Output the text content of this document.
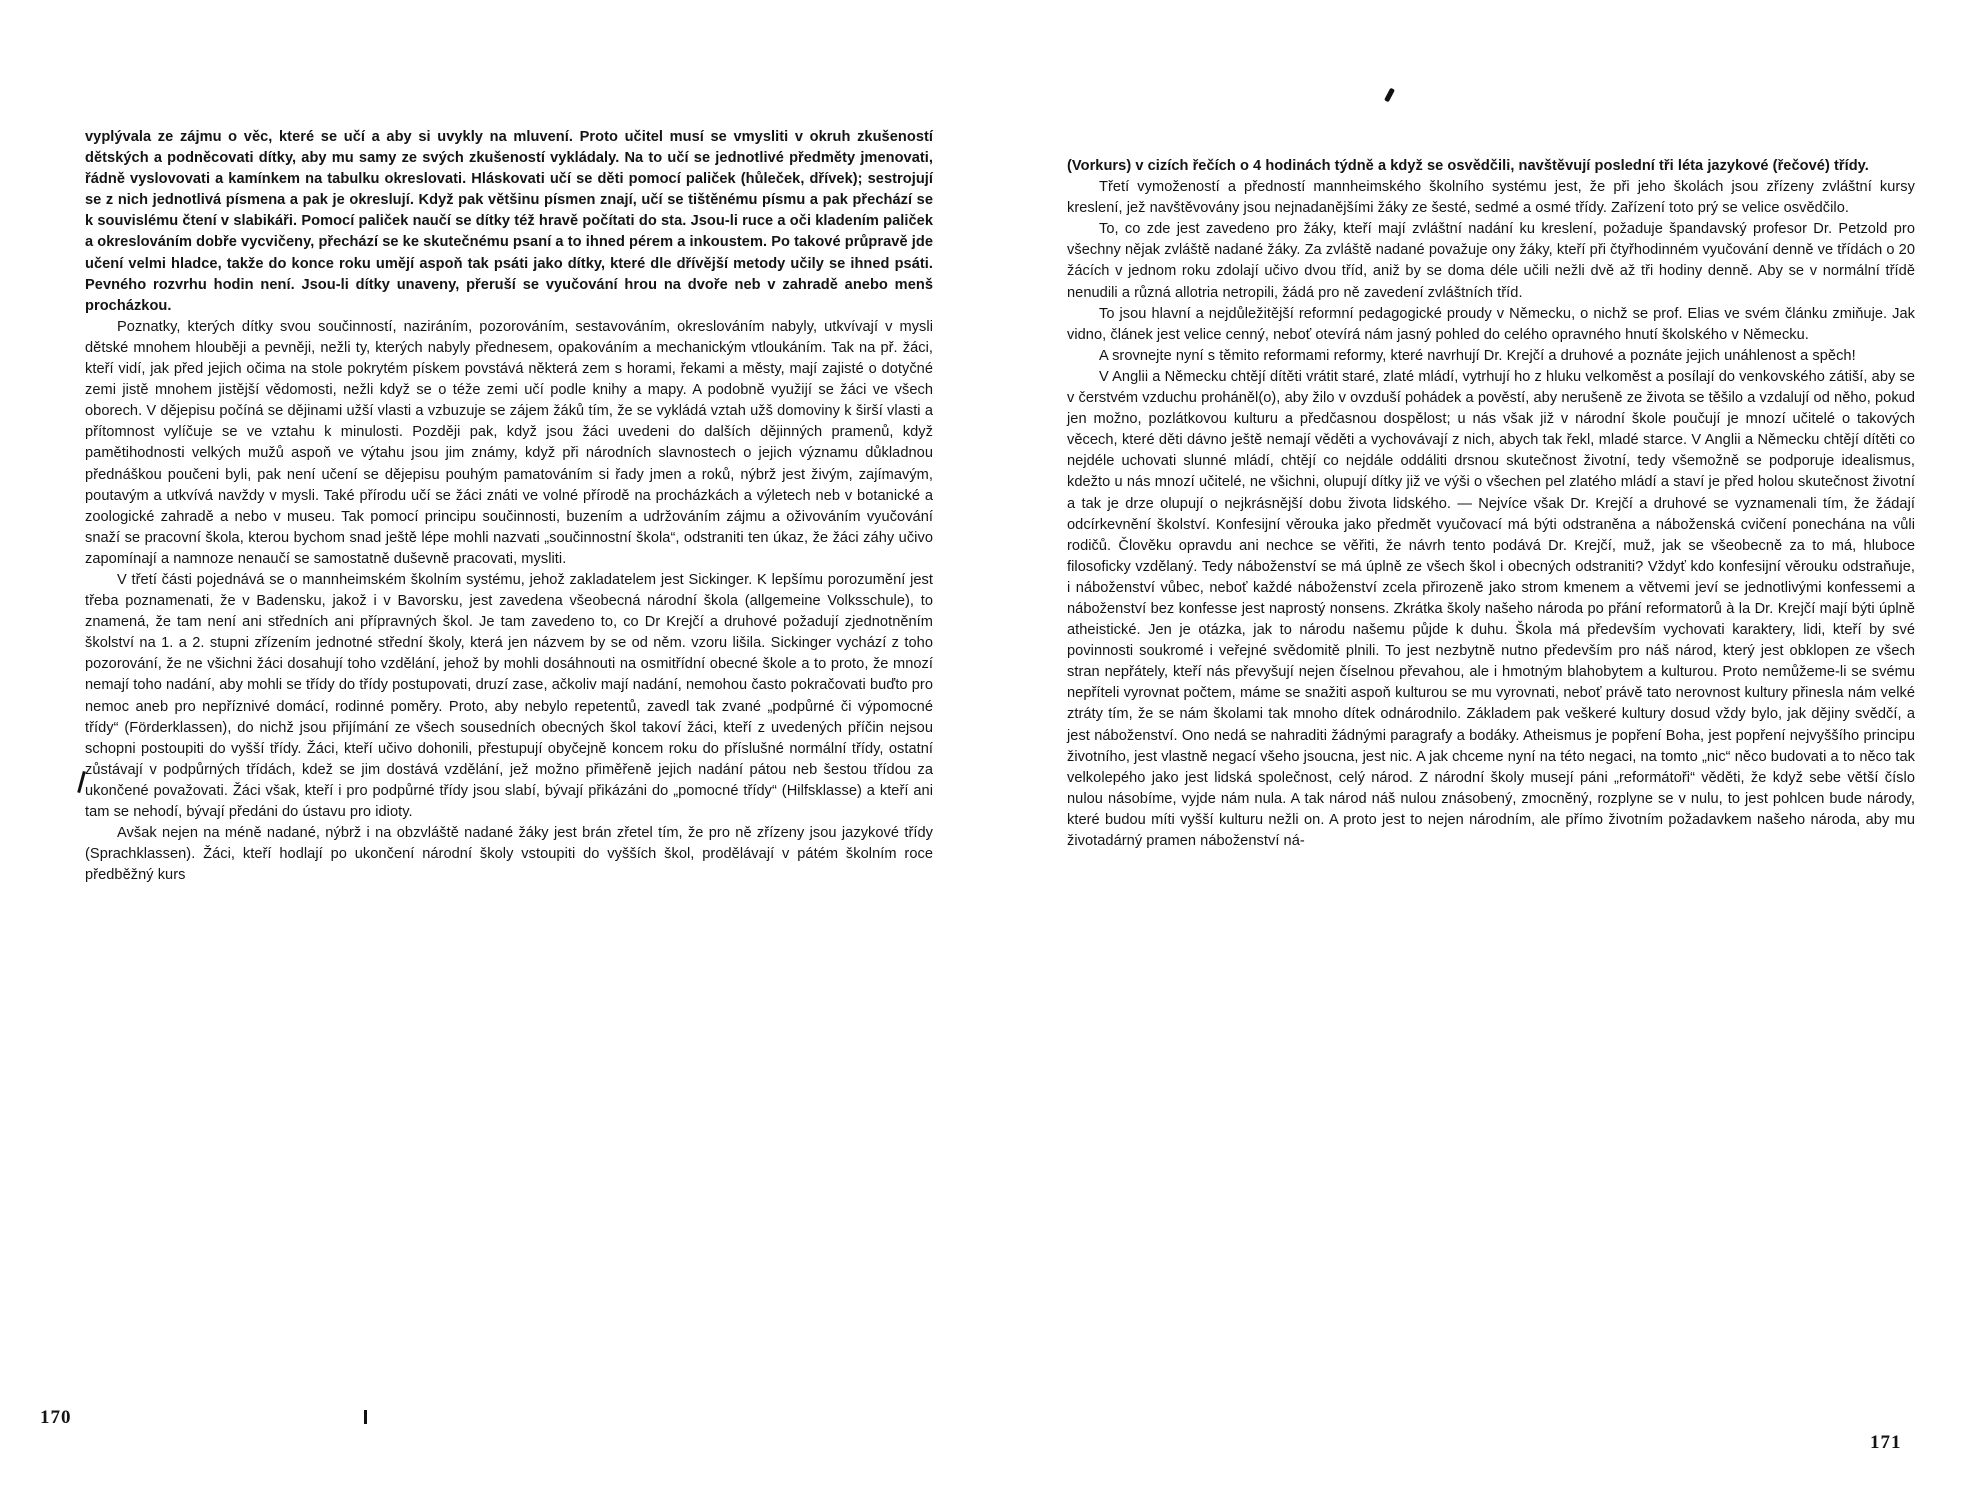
vyplývala ze zájmu o věc, které se učí a aby si uvykly na mluvení. Proto učitel musí se vmysliti v okruh zkušeností dětských a podněcovati dítky, aby mu samy ze svých zkušeností vykládaly. Na to učí se jednotlivé předměty jmenovati, řádně vyslovovati a kamínkem na tabulku okreslovati. Hláskovati učí se děti pomocí paliček (hůleček, dřívek); sestrojují se z nich jednotlivá písmena a pak je okreslují. Když pak většinu písmen znají, učí se tištěnému písmu a pak přechází se k souvislému čtení v slabikáři. Pomocí paliček naučí se dítky též hravě počítati do sta. Jsou-li ruce a oči kladením paliček a okreslováním dobře vycvičeny, přechází se ke skutečnému psaní a to ihned pérem a inkoustem. Po takové průpravě jde učení velmi hladce, takže do konce roku umějí aspoň tak psáti jako dítky, které dle dřívější metody učily se ihned psáti. Pevného rozvrhu hodin není. Jsou-li dítky unaveny, přeruší se vyučování hrou na dvoře neb v zahradě anebo menš procházkou.

Poznatky, kterých dítky svou součinností, naziráním, pozorováním, sestavováním, okreslováním nabyly, utkvívají v mysli dětské mnohem hlouběji a pevněji, nežli ty, kterých nabyly přednesem, opakováním a mechanickým vtloukáním. Tak na př. žáci, kteří vidí, jak před jejich očima na stole pokrytém pískem povstává některá zem s horami, řekami a městy, mají zajisté o dotyčné zemi jistě mnohem jistější vědomosti, nežli když se o téže zemi učí podle knihy a mapy. A podobně využijí se žáci ve všech oborech. V dějepisu počíná se dějinami užší vlasti a vzbuzuje se zájem žáků tím, že se vykládá vztah užš domoviny k širší vlasti a přítomnost vylíčuje se ve vztahu k minulosti. Později pak, když jsou žáci uvedeni do dalších dějinných pramenů, když pamětihodnosti velkých mužů aspoň ve výtahu jsou jim známy, když při národních slavnostech o jejich významu důkladnou přednáškou poučeni byli, pak není učení se dějepisu pouhým pamatováním si řady jmen a roků, nýbrž jest živým, zajímavým, poutavým a utkvívá navždy v mysli. Také přírodu učí se žáci znáti ve volné přírodě na procházkách a výletech neb v botanické a zoologické zahradě a nebo v museu. Tak pomocí principu součinnosti, buzením a udržováním zájmu a oživováním vyučování snaží se pracovní škola, kterou bychom snad ještě lépe mohli nazvati „součinnostní škola“, odstraniti ten úkaz, že žáci záhy učivo zapomínají a namnoze nenaučí se samostatně duševně pracovati, mysliti.

V třetí části pojednává se o mannheimském školním systému, jehož zakladatelem jest Sickinger. K lepšímu porozumění jest třeba poznamenati, že v Badensku, jakož i v Bavorsku, jest zavedena všeobecná národní škola (allgemeine Volksschule), to znamená, že tam není ani středních ani přípravných škol. Je tam zavedeno to, co Dr Krejčí a druhové požadují zjednotněním školství na 1. a 2. stupni zřízením jednotné střední školy, která jen názvem by se od něm. vzoru lišila. Sickinger vychází z toho pozorování, že ne všichni žáci dosahují toho vzdělání, jehož by mohli dosáhnouti na osmitřídní obecné škole a to proto, že mnozí nemají toho nadání, aby mohli se třídy do třídy postupovati, druzí zase, ačkoliv mají nadání, nemohou často pokračovati buďto pro nemoc aneb pro nepříznivé domácí, rodinné poměry. Proto, aby nebylo repetentů, zavedl tak zvané „podpůrné či výpomocné třídy“ (Förderklassen), do nichž jsou přijímání ze všech sousedních obecných škol takoví žáci, kteří z uvedených příčin nejsou schopni postoupiti do vyšší třídy. Žáci, kteří učivo dohonili, přestupují obyčejně koncem roku do příslušné normální třídy, ostatní zůstávají v podpůrných třídách, kdež se jim dostává vzdělání, jež možno přiměřeně jejich nadání pátou neb šestou třídou za ukončené považovati. Žáci však, kteří i pro podpůrné třídy jsou slabí, bývají přikázáni do „pomocné třídy“ (Hilfsklasse) a kteří ani tam se nehodí, bývají předáni do ústavu pro idioty.

Avšak nejen na méně nadané, nýbrž i na obzvláště nadané žáky jest brán zřetel tím, že pro ně zřízeny jsou jazykové třídy (Sprachklassen). Žáci, kteří hodlají po ukončení národní školy vstoupiti do vyšších škol, prodělávají v pátém školním roce předběžný kurs

170

(Vorkurs) v cizích řečích o 4 hodinách týdně a když se osvědčili, navštěvují poslední tři léta jazykové (řečové) třídy.

Třetí vymožeností a předností mannheimského školního systému jest, že při jeho školách jsou zřízeny zvláštní kursy kreslení, jež navštěvovány jsou nejnadanějšími žáky ze šesté, sedmé a osmé třídy. Zařízení toto prý se velice osvědčilo.

To, co zde jest zavedeno pro žáky, kteří mají zvláštní nadání ku kreslení, požaduje špandavský profesor Dr. Petzold pro všechny nějak zvláště nadané žáky. Za zvláště nadané považuje ony žáky, kteří při čtyřhodinném vyučování denně ve třídách o 20 žácích v jednom roku zdolají učivo dvou tříd, aniž by se doma déle učili nežli dvě až tři hodiny denně. Aby se v normální třídě nenudili a různá allotria netropili, žádá pro ně zavedení zvláštních tříd.

To jsou hlavní a nejdůležitější reformní pedagogické proudy v Německu, o nichž se prof. Elias ve svém článku zmiňuje. Jak vidno, článek jest velice cenný, neboť otevírá nám jasný pohled do celého opravného hnutí školského v Německu.

A srovnejte nyní s těmito reformami reformy, které navrhují Dr. Krejčí a druhové a poznáte jejich unáhlenost a spěch!

V Anglii a Německu chtějí dítěti vrátit staré, zlaté mládí, vytrhují ho z hluku velkoměst a posílají do venkovského zátiší, aby se v čerstvém vzduchu proháněl(o), aby žilo v ovzduší pohádek a pověstí, aby nerušeně ze života se těšilo a vzdalují od něho, pokud jen možno, pozlátkovou kulturu a předčasnou dospělost; u nás však již v národní škole poučují je mnozí učitelé o takových věcech, které děti dávno ještě nemají věděti a vychovávají z nich, abych tak řekl, mladé starce. V Anglii a Německu chtějí dítěti co nejdéle uchovati slunné mládí, chtějí co nejdále oddáliti drsnou skutečnost životní, tedy všemožně se podporuje idealismus, kdežto u nás mnozí učitelé, ne všichni, olupují dítky již ve výši o všechen pel zlatého mládí a staví je před holou skutečnost životní a tak je drze olupují o nejkrásnější dobu života lidského. — Nejvíce však Dr. Krejčí a druhové se vyznamenali tím, že žádají odcírkevnění školství. Konfesijní věrouka jako předmět vyučovací má býti odstraněna a náboženská cvičení ponechána na vůli rodičů. Člověku opravdu ani nechce se věřiti, že návrh tento podává Dr. Krejčí, muž, jak se všeobecně za to má, hluboce filosoficky vzdělaný. Tedy náboženství se má úplně ze všech škol i obecných odstraniti? Vždyť kdo konfesijní věrouku odstraňuje, i náboženství vůbec, neboť každé náboženství zcela přirozeně jako strom kmenem a větvemi jeví se jednotlivými konfessemi a náboženství bez konfesse jest naprostý nonsens. Zkrátka školy našeho národa po přání reformatorů à la Dr. Krejčí mají býti úplně atheistické. Jen je otázka, jak to národu našemu půjde k duhu. Škola má především vychovati karaktery, lidi, kteří by své povinnosti soukromé i veřejné svědomitě plnili. To jest nezbytně nutno především pro náš národ, který jest obklopen ze všech stran nepřátely, kteří nás převyšují nejen číselnou převahou, ale i hmotným blahobytem a kulturou. Proto nemůžeme-li se svému nepříteli vyrovnat počtem, máme se snažiti aspoň kulturou se mu vyrovnati, neboť právě tato nerovnost kultury přinesla nám velké ztráty tím, že se nám školami tak mnoho dítek odnárodnilo. Základem pak veškeré kultury dosud vždy bylo, jak dějiny svědčí, a jest náboženství. Ono nedá se nahraditi žádnými paragrafy a bodáky. Atheismus je popření Boha, jest popření nejvyššího principu životního, jest vlastně negací všeho jsoucna, jest nic. A jak chceme nyní na této negaci, na tomto „nic“ něco budovati a to něco tak velkolepého jako jest lidská společnost, celý národ. Z národní školy musejí páni „reformátoři“ věděti, že když sebe větší číslo nulou násobíme, vyjde nám nula. A tak národ náš nulou znásobený, zmocněný, rozplyne se v nulu, to jest pohlcen bude národy, které budou míti vyšší kulturu nežli on. A proto jest to nejen národním, ale přímo životním požadavkem našeho národa, aby mu životadárný pramen náboženství ná-

171
